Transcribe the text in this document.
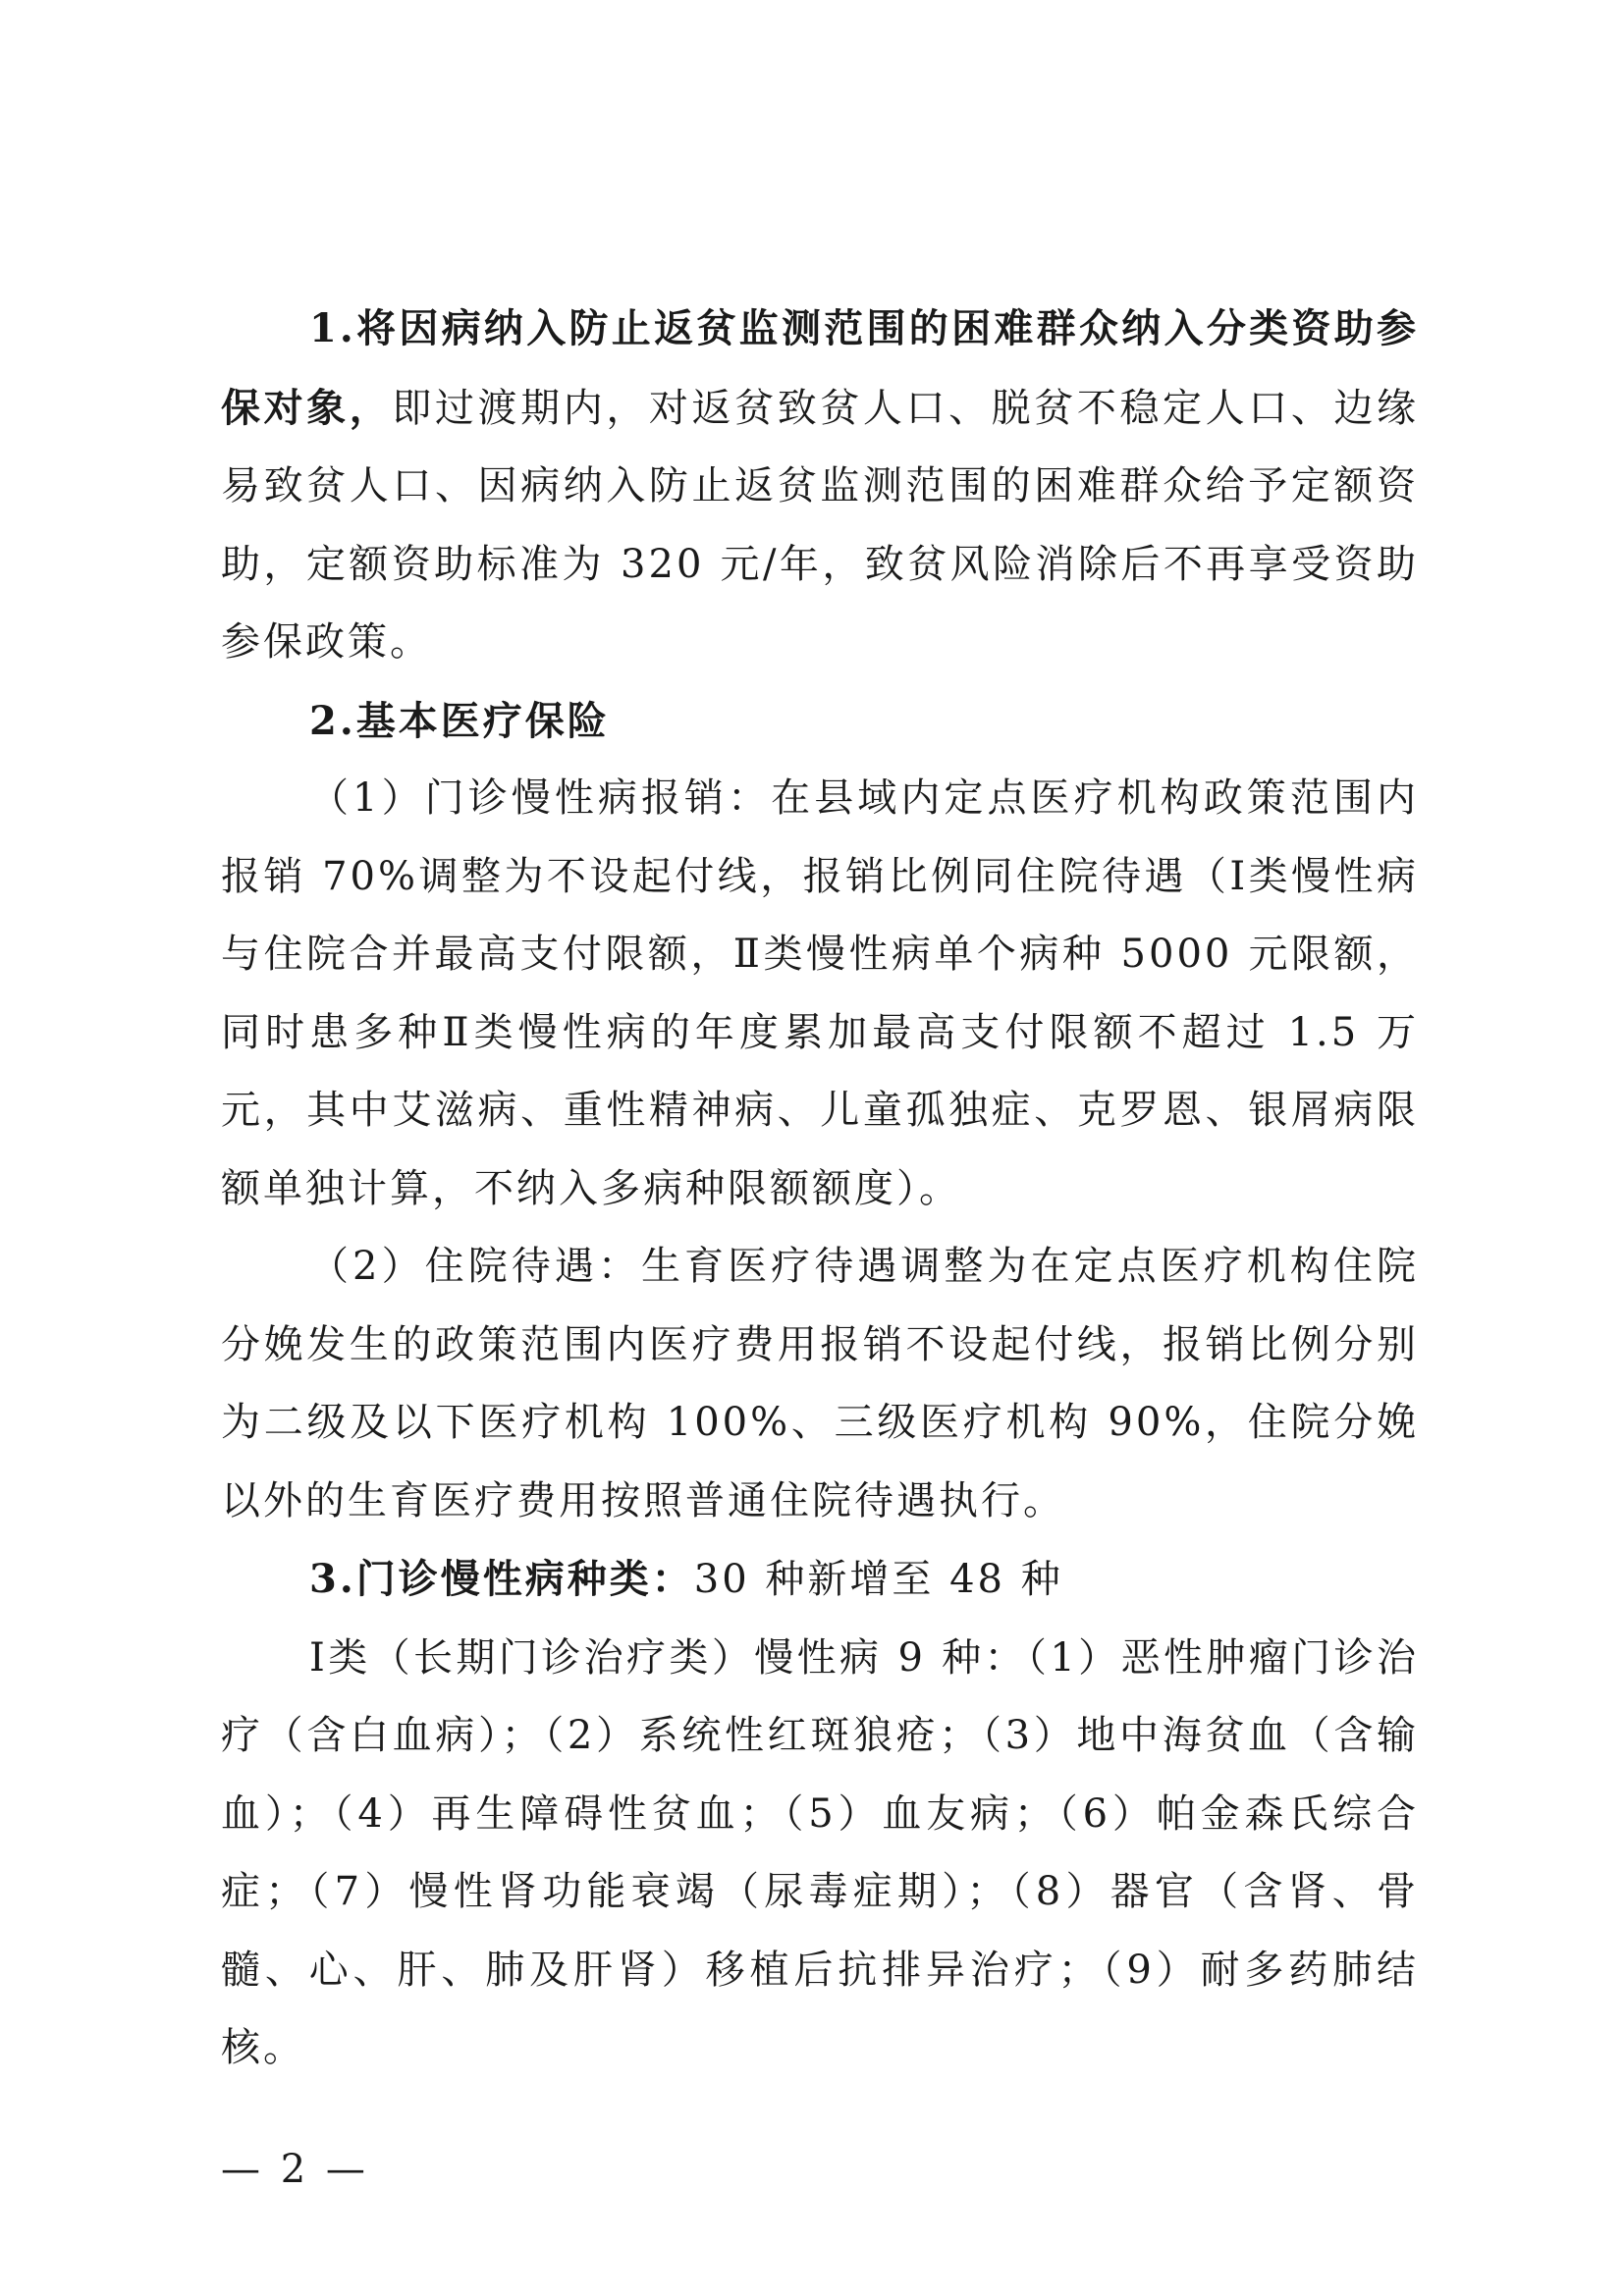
1.将因病纳入防止返贫监测范围的困难群众纳入分类资助参保对象，即过渡期内，对返贫致贫人口、脱贫不稳定人口、边缘易致贫人口、因病纳入防止返贫监测范围的困难群众给予定额资助，定额资助标准为 320 元/年，致贫风险消除后不再享受资助参保政策。

2.基本医疗保险

（1）门诊慢性病报销：在县域内定点医疗机构政策范围内报销 70%调整为不设起付线，报销比例同住院待遇（Ⅰ类慢性病与住院合并最高支付限额，Ⅱ类慢性病单个病种 5000 元限额，同时患多种Ⅱ类慢性病的年度累加最高支付限额不超过 1.5 万元，其中艾滋病、重性精神病、儿童孤独症、克罗恩、银屑病限额单独计算，不纳入多病种限额额度）。

（2）住院待遇：生育医疗待遇调整为在定点医疗机构住院分娩发生的政策范围内医疗费用报销不设起付线，报销比例分别为二级及以下医疗机构 100%、三级医疗机构 90%，住院分娩以外的生育医疗费用按照普通住院待遇执行。

3.门诊慢性病种类：30 种新增至 48 种

Ⅰ类（长期门诊治疗类）慢性病 9 种：（1）恶性肿瘤门诊治疗（含白血病）；（2）系统性红斑狼疮；（3）地中海贫血（含输血）；（4）再生障碍性贫血；（5）血友病；（6）帕金森氏综合症；（7）慢性肾功能衰竭（尿毒症期）；（8）器官（含肾、骨髓、心、肝、肺及肝肾）移植后抗排异治疗；（9）耐多药肺结核。

— 2 —
